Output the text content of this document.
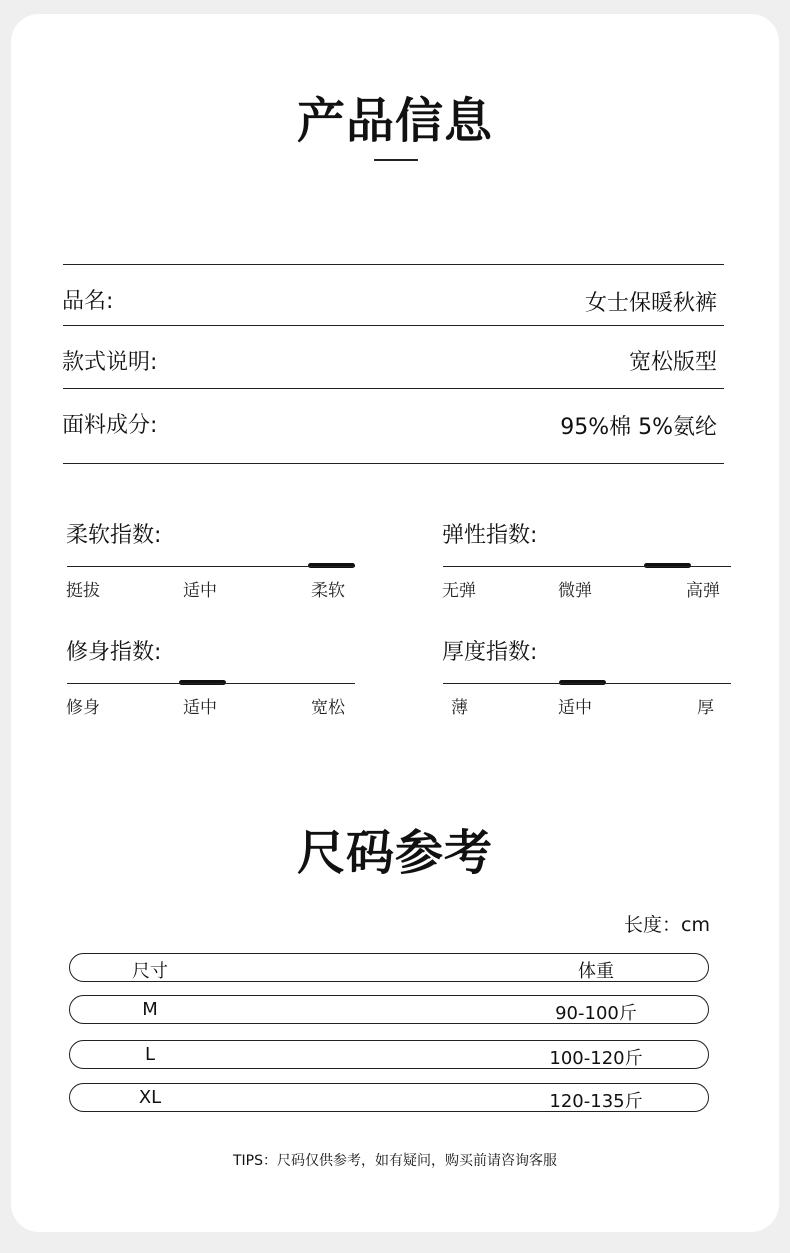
产品信息
品名:	女士保暖秋裤
款式说明:	宽松版型
面料成分:	95%棉 5%氨纶
柔软指数:
挺拔	适中	柔软
弹性指数:
无弹	微弹	高弹
修身指数:
修身	适中	宽松
厚度指数:
薄	适中	厚
尺码参考
长度：cm
尺寸	体重
M	90-100斤
L	100-120斤
XL	120-135斤
TIPS：尺码仅供参考，如有疑问，购买前请咨询客服
